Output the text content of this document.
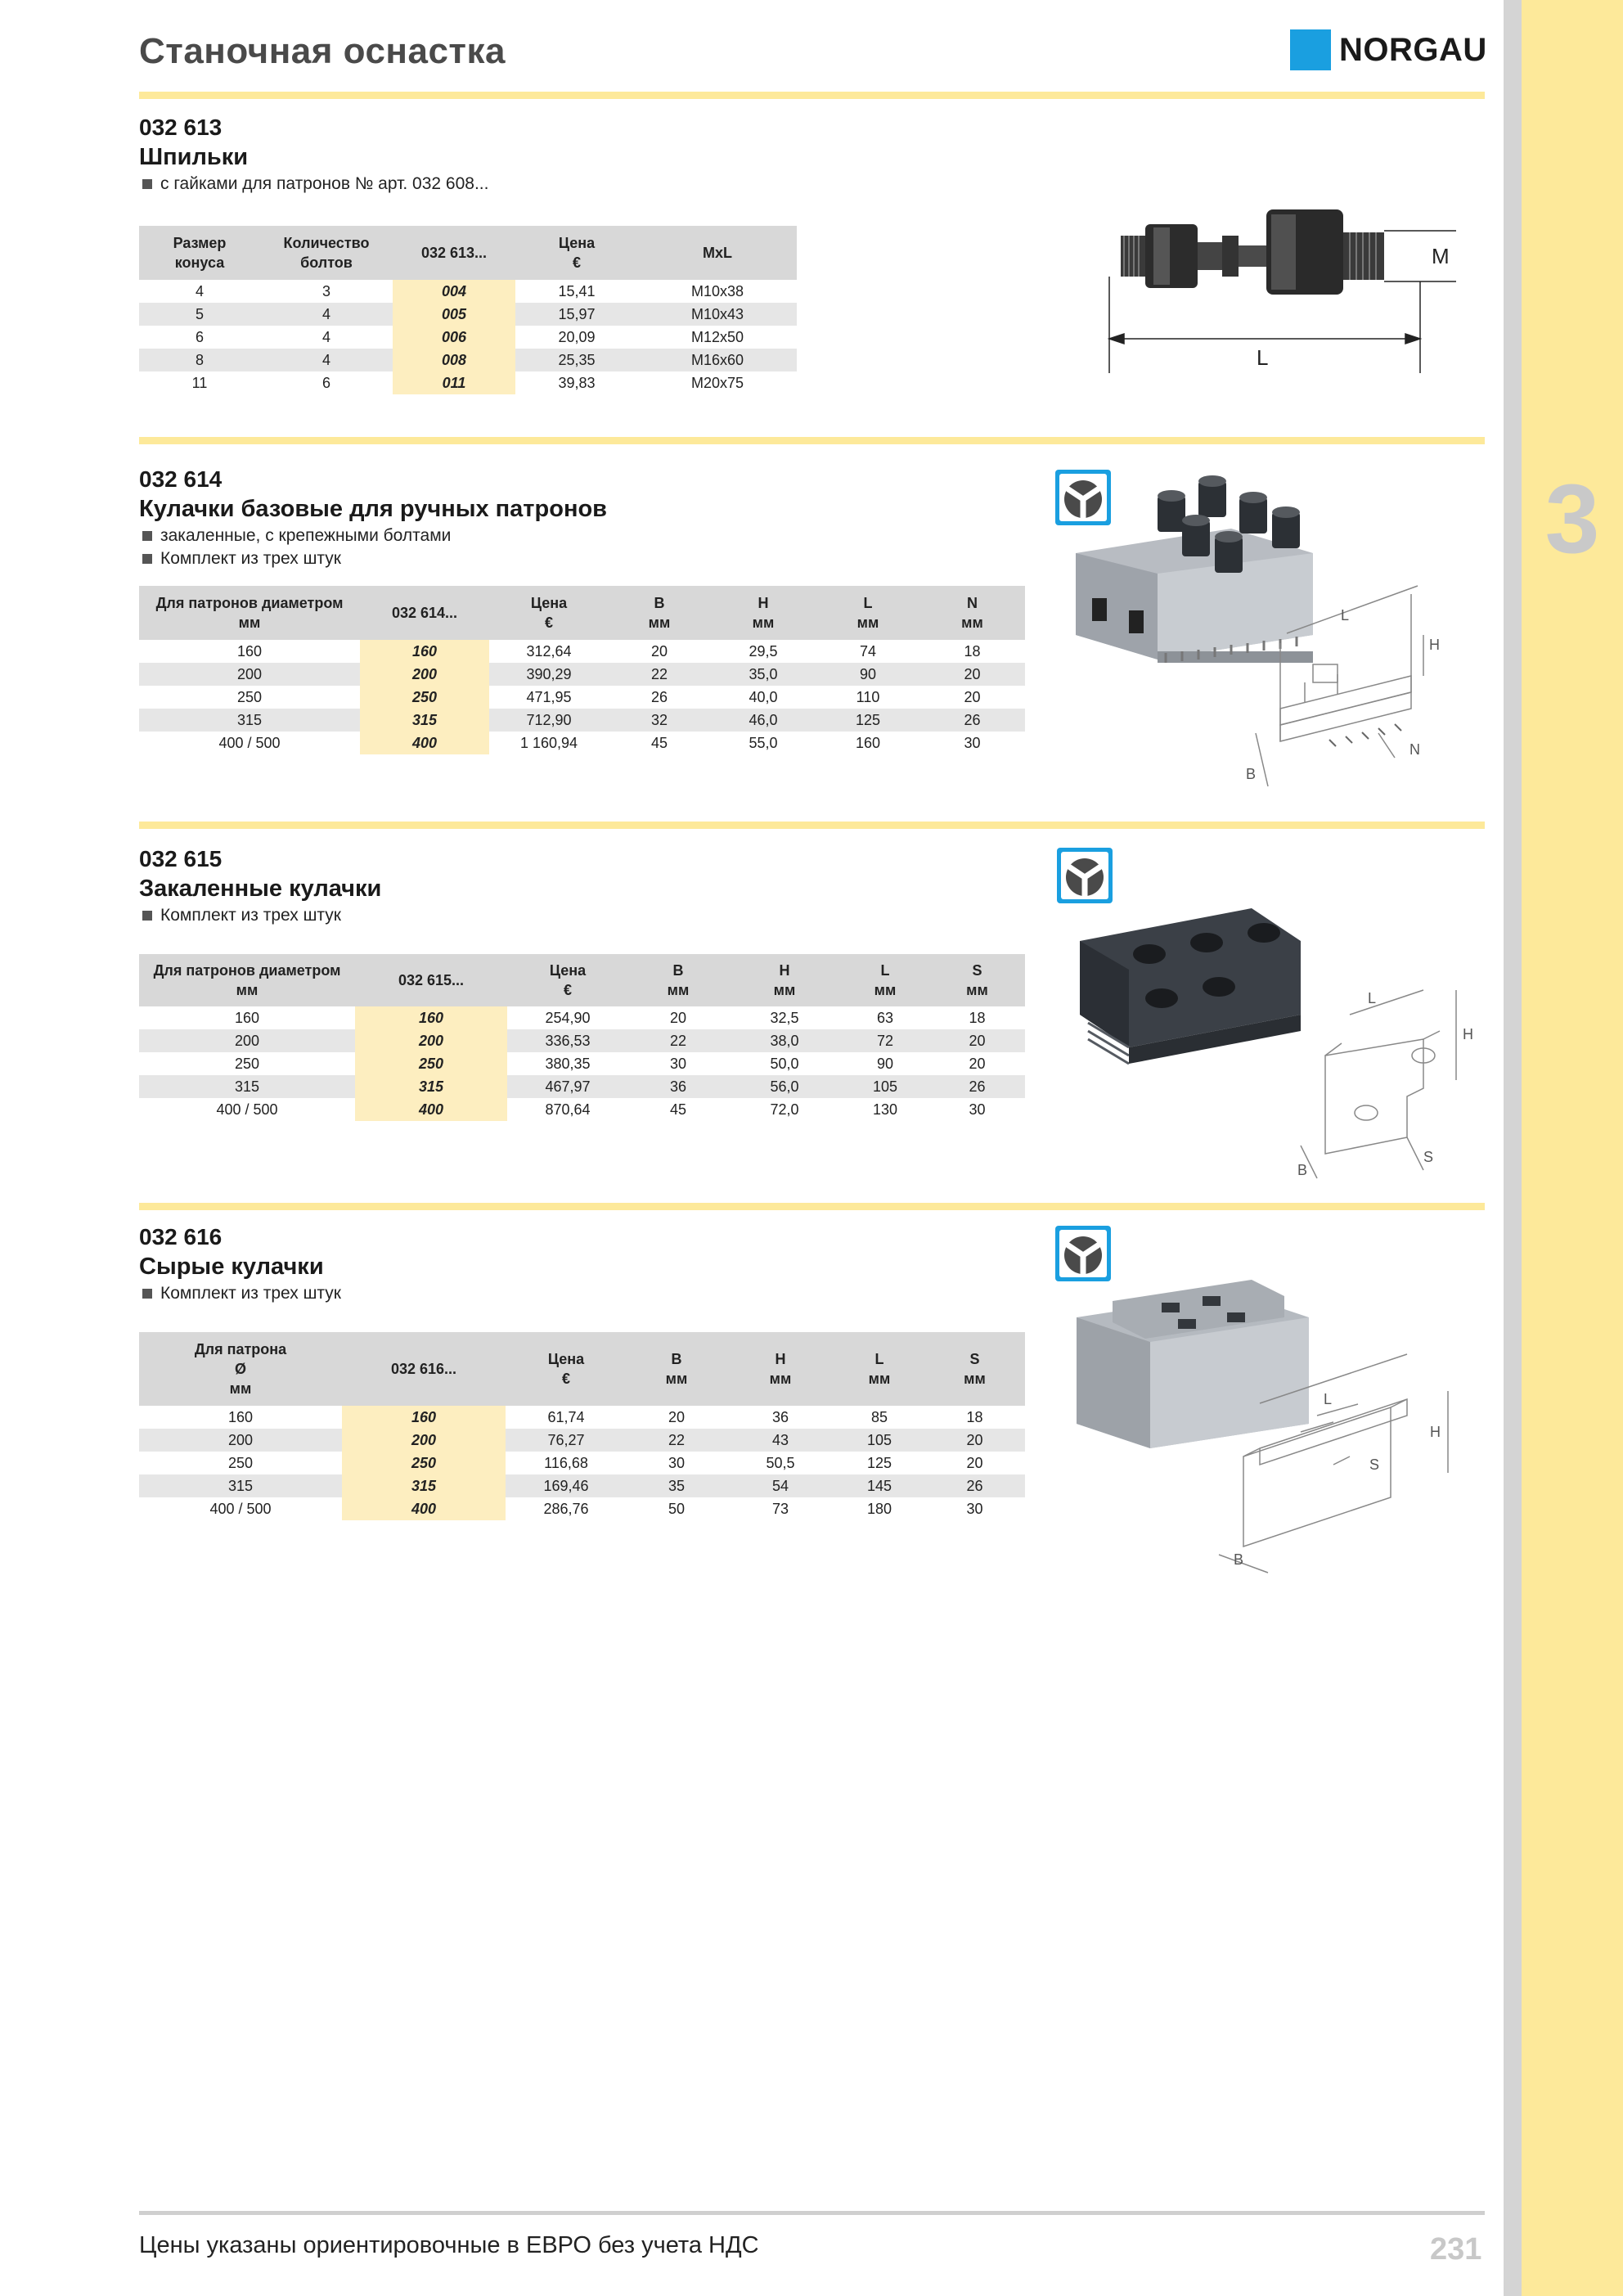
3
Станочная оснастка	NORGAU
032 613
Шпильки
с гайками для патронов № арт. 032 608...
Размер
конуса	Количество
болтов	032 613...	Цена
€	MxL
4	3	004	15,41	M10x38
5	4	005	15,97	M10x43
6	4	006	20,09	M12x50
8	4	008	25,35	M16x60
11	6	011	39,83	M20x75
M
L
032 614
Кулачки базовые для ручных патронов
закаленные, с крепежными болтами
Комплект из трех штук
Для патронов диаметром
мм	032 614...	Цена
€	B
мм	H
мм	L
мм	N
мм
160	160	312,64	20	29,5	74	18
200	200	390,29	22	35,0	90	20
250	250	471,95	26	40,0	110	20
315	315	712,90	32	46,0	125	26
400 / 500	400	1 160,94	45	55,0	160	30
L
H
B
N
032 615
Закаленные кулачки
Комплект из трех штук
Для патронов диаметром
мм	032 615...	Цена
€	B
мм	H
мм	L
мм	S
мм
160	160	254,90	20	32,5	63	18
200	200	336,53	22	38,0	72	20
250	250	380,35	30	50,0	90	20
315	315	467,97	36	56,0	105	26
400 / 500	400	870,64	45	72,0	130	30
L
H
B
S
032 616
Сырые кулачки
Комплект из трех штук
Для патрона
Ø
мм	032 616...	Цена
€	B
мм	H
мм	L
мм	S
мм
160	160	61,74	20	36	85	18
200	200	76,27	22	43	105	20
250	250	116,68	30	50,5	125	20
315	315	169,46	35	54	145	26
400 / 500	400	286,76	50	73	180	30
L
H
B
S
Цены указаны ориентировочные в ЕВРО без учета НДС	231
